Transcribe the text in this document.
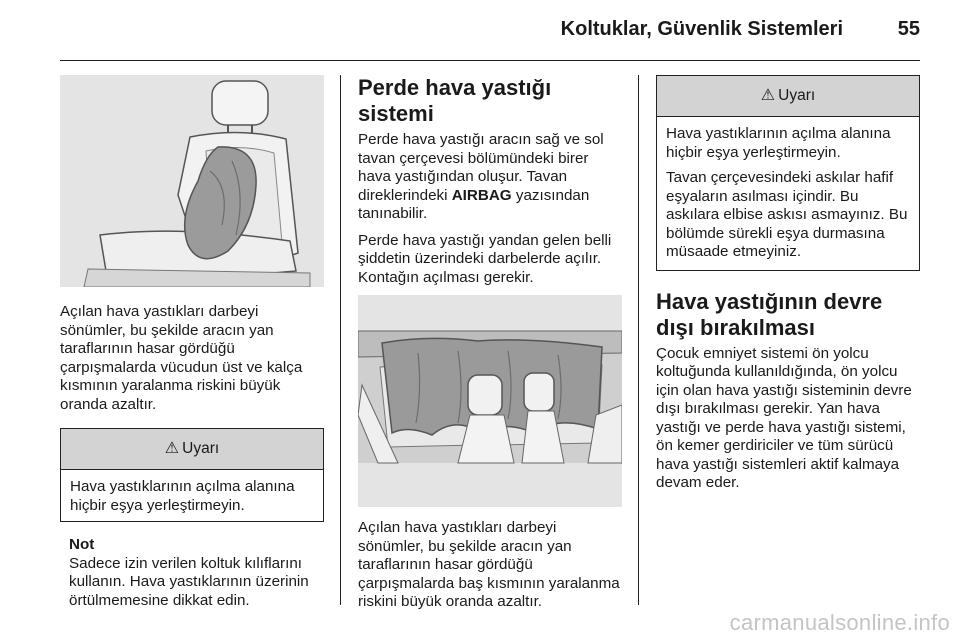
Koltuklar, Güvenlik Sistemleri	55

Açılan hava yastıkları darbeyi sönümler, bu şekilde aracın yan taraflarının hasar gördüğü çarpışmalarda vücudun üst ve kalça kısmının yaralanma riskini büyük oranda azaltır.

⚠ Uyarı

Hava yastıklarının açılma alanına hiçbir eşya yerleştirmeyin.

Not
Sadece izin verilen koltuk kılıflarını kullanın. Hava yastıklarının üzerinin örtülmemesine dikkat edin.
Perde hava yastığı sistemi

Perde hava yastığı aracın sağ ve sol tavan çerçevesi bölümündeki birer hava yastığından oluşur. Tavan direklerindeki AIRBAG yazısından tanınabilir.

Perde hava yastığı yandan gelen belli şiddetin üzerindeki darbelerde açılır. Kontağın açılması gerekir.

Açılan hava yastıkları darbeyi sönümler, bu şekilde aracın yan taraflarının hasar gördüğü çarpışmalarda baş kısmının yaralanma riskini büyük oranda azaltır.

⚠ Uyarı

Hava yastıklarının açılma alanına hiçbir eşya yerleştirmeyin.

Tavan çerçevesindeki askılar hafif eşyaların asılması içindir. Bu askılara elbise askısı asmayınız. Bu bölümde sürekli eşya durmasına müsaade etmeyiniz.

Hava yastığının devre dışı bırakılması

Çocuk emniyet sistemi ön yolcu koltuğunda kullanıldığında, ön yolcu için olan hava yastığı sisteminin devre dışı bırakılması gerekir. Yan hava yastığı ve perde hava yastığı sistemi, ön kemer gerdiriciler ve tüm sürücü hava yastığı sistemleri aktif kalmaya devam eder.

carmanualsonline.info
